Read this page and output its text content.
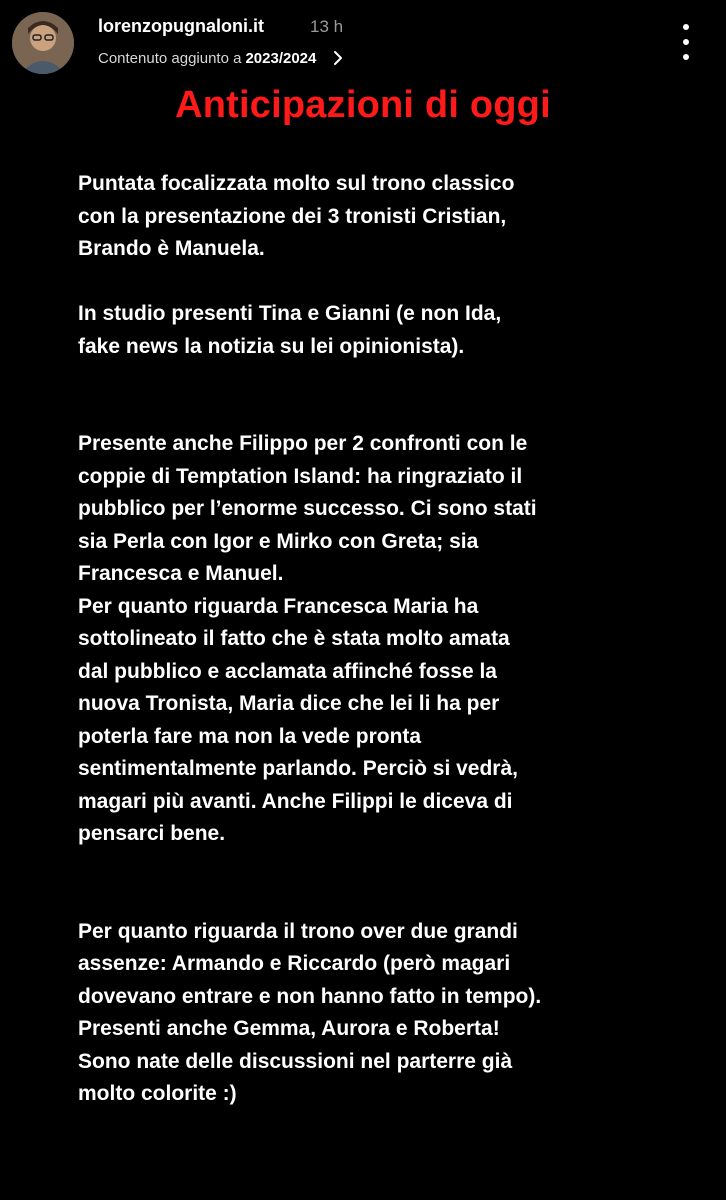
lorenzopugnaloni.it	13 h
Contenuto aggiunto a 2023/2024
Anticipazioni di oggi
Puntata focalizzata molto sul trono classico
con la presentazione dei 3 tronisti Cristian,
Brando è Manuela.
In studio presenti Tina e Gianni (e non Ida,
fake news la notizia su lei opinionista).
Presente anche Filippo per 2 confronti con le
coppie di Temptation Island: ha ringraziato il
pubblico per l’enorme successo. Ci sono stati
sia Perla con Igor e Mirko con Greta; sia
Francesca e Manuel.
Per quanto riguarda Francesca Maria ha
sottolineato il fatto che è stata molto amata
dal pubblico e acclamata affinché fosse la
nuova Tronista, Maria dice che lei li ha per
poterla fare ma non la vede pronta
sentimentalmente parlando. Perciò si vedrà,
magari più avanti. Anche Filippi le diceva di
pensarci bene.
Per quanto riguarda il trono over due grandi
assenze: Armando e Riccardo (però magari
dovevano entrare e non hanno fatto in tempo).
Presenti anche Gemma, Aurora e Roberta!
Sono nate delle discussioni nel parterre già
molto colorite :)
